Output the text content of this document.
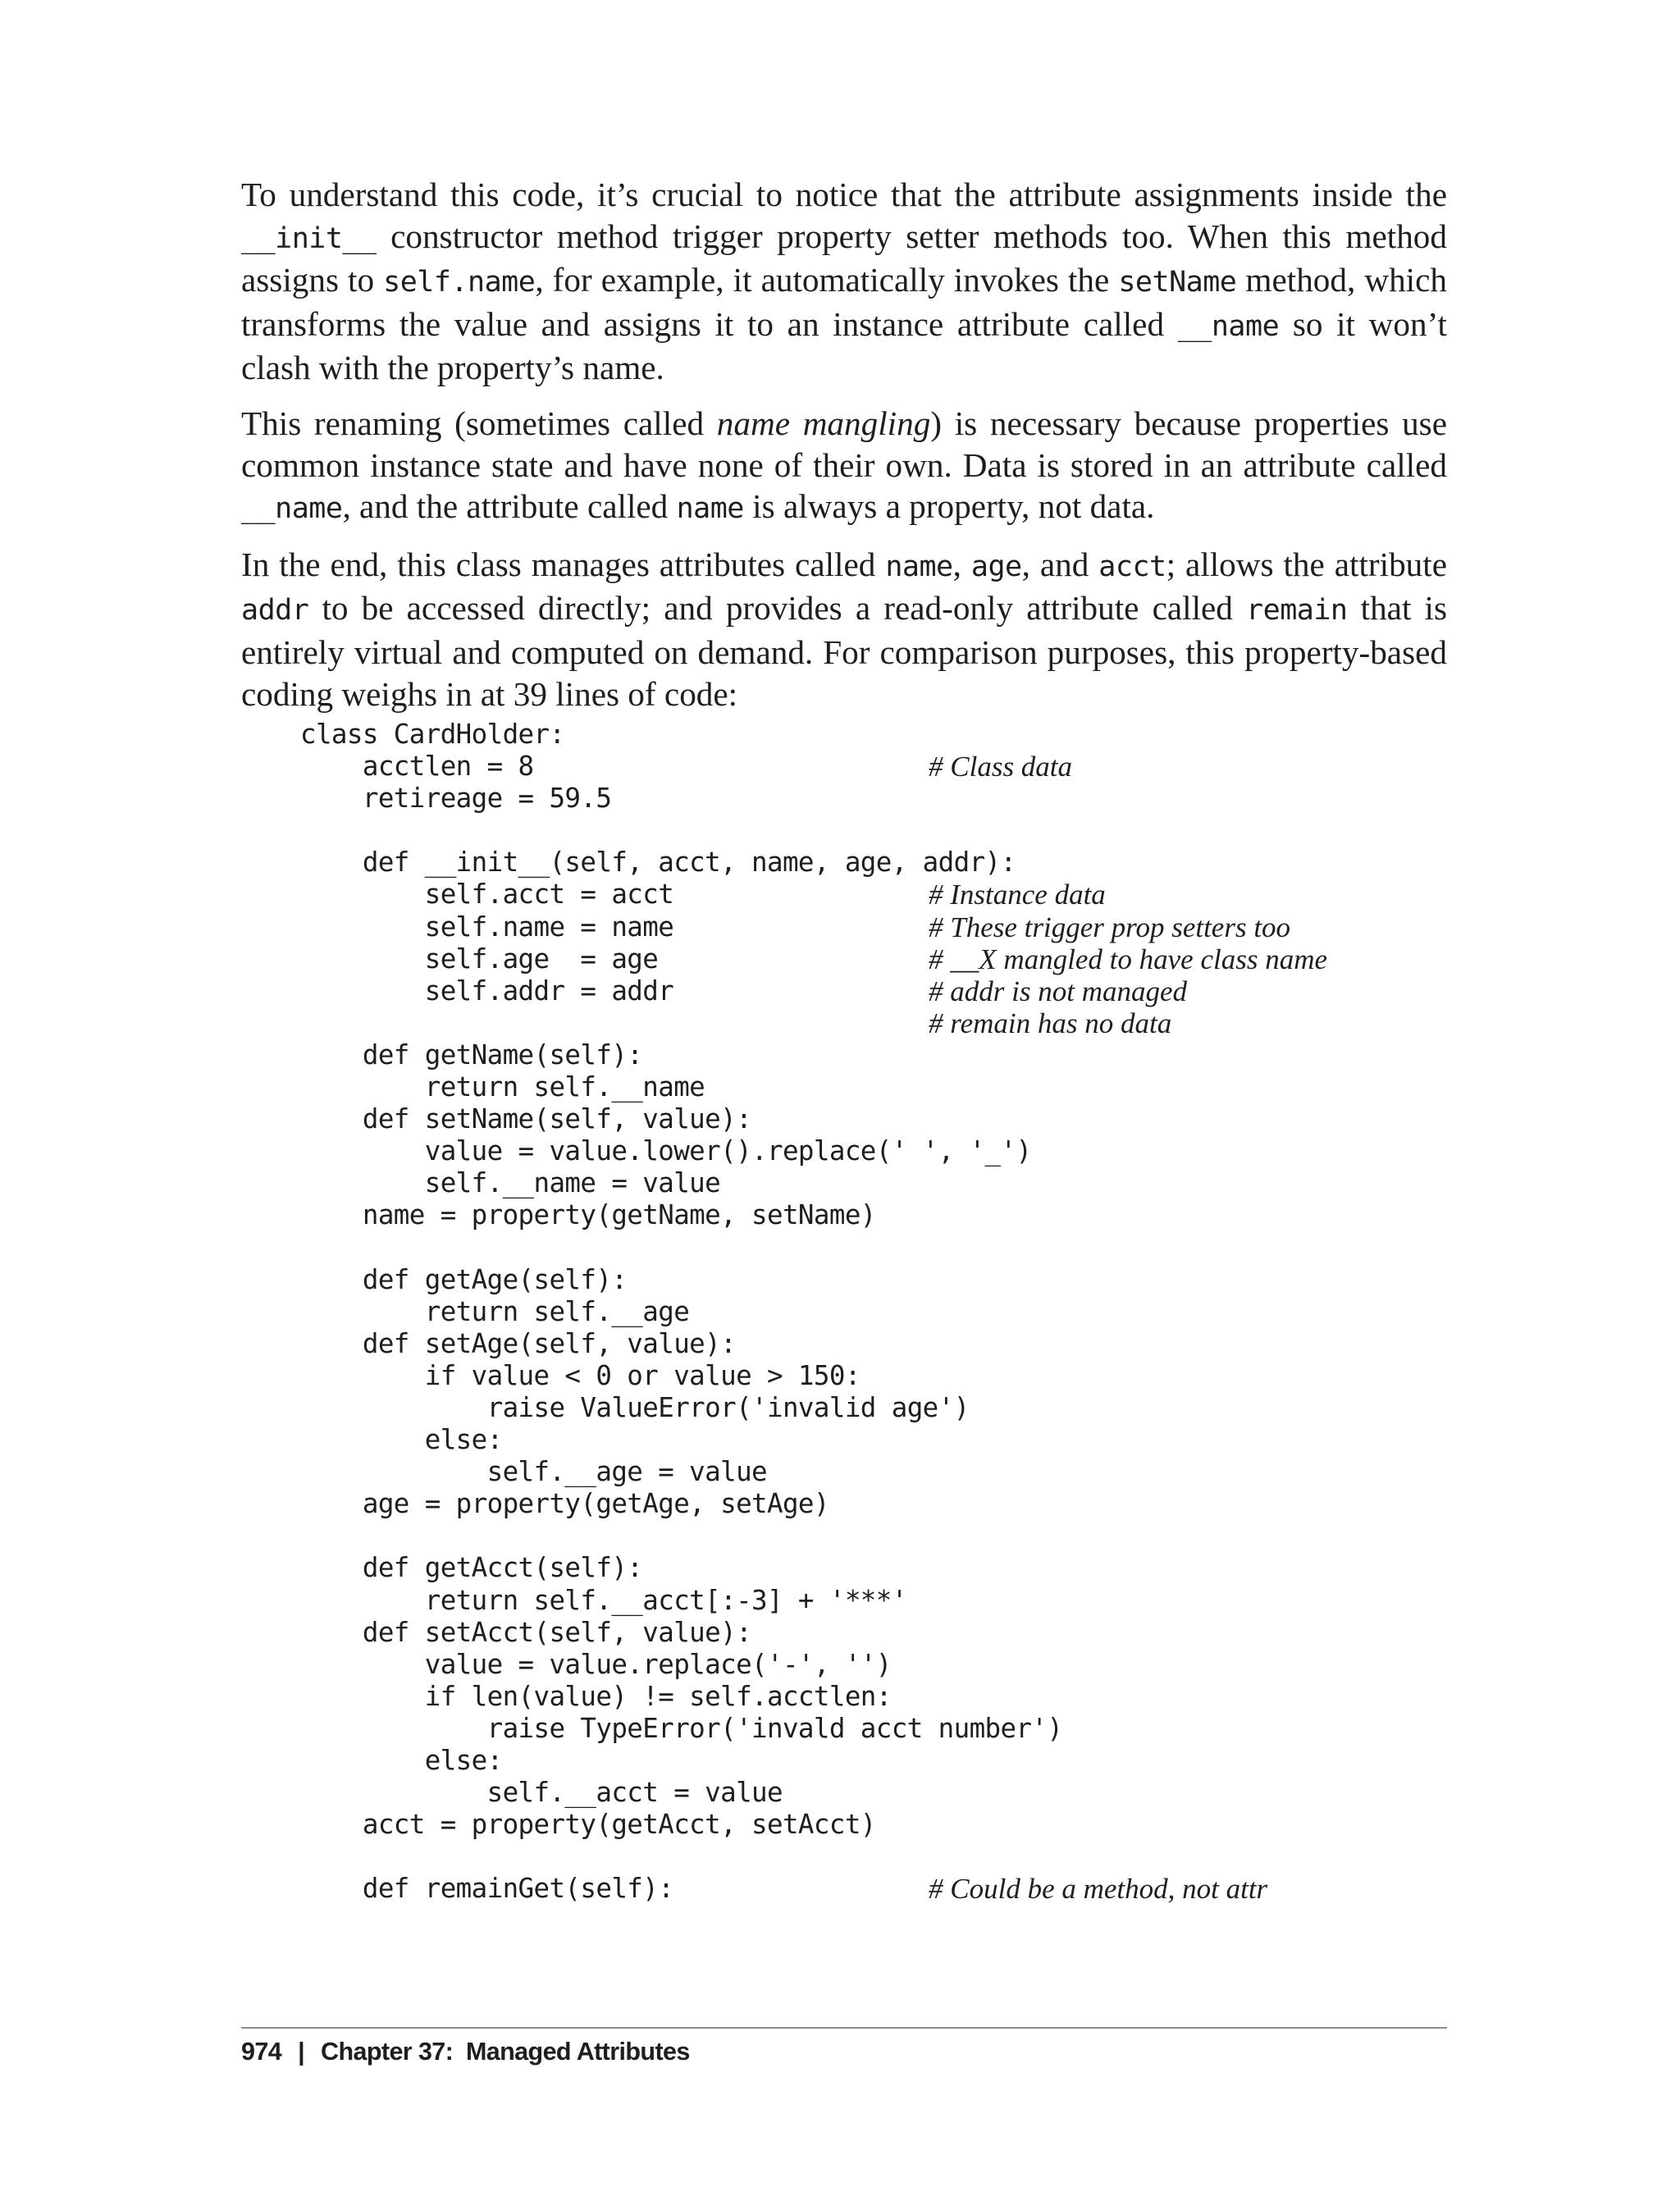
To understand this code, it’s crucial to notice that the attribute assignments inside the __init__ constructor method trigger property setter methods too. When this method assigns to self.name, for example, it automatically invokes the setName method, which transforms the value and assigns it to an instance attribute called __name so it won’t clash with the property’s name.

This renaming (sometimes called name mangling) is necessary because properties use common instance state and have none of their own. Data is stored in an attribute called __name, and the attribute called name is always a property, not data.

In the end, this class manages attributes called name, age, and acct; allows the attribute addr to be accessed directly; and provides a read-only attribute called remain that is entirely virtual and computed on demand. For comparison purposes, this property-based coding weighs in at 39 lines of code:

class CardHolder:
acctlen = 8	# Class data
retireage = 59.5
def __init__(self, acct, name, age, addr):
self.acct = acct	# Instance data
self.name = name	# These trigger prop setters too
self.age  = age	# __X mangled to have class name
self.addr = addr	# addr is not managed
# remain has no data
def getName(self):
return self.__name
def setName(self, value):
value = value.lower().replace(' ', '_')
self.__name = value
name = property(getName, setName)
def getAge(self):
return self.__age
def setAge(self, value):
if value < 0 or value > 150:
raise ValueError('invalid age')
else:
self.__age = value
age = property(getAge, setAge)
def getAcct(self):
return self.__acct[:-3] + '***'
def setAcct(self, value):
value = value.replace('-', '')
if len(value) != self.acctlen:
raise TypeError('invald acct number')
else:
self.__acct = value
acct = property(getAcct, setAcct)
def remainGet(self):	# Could be a method, not attr
974 | Chapter 37:  Managed Attributes
